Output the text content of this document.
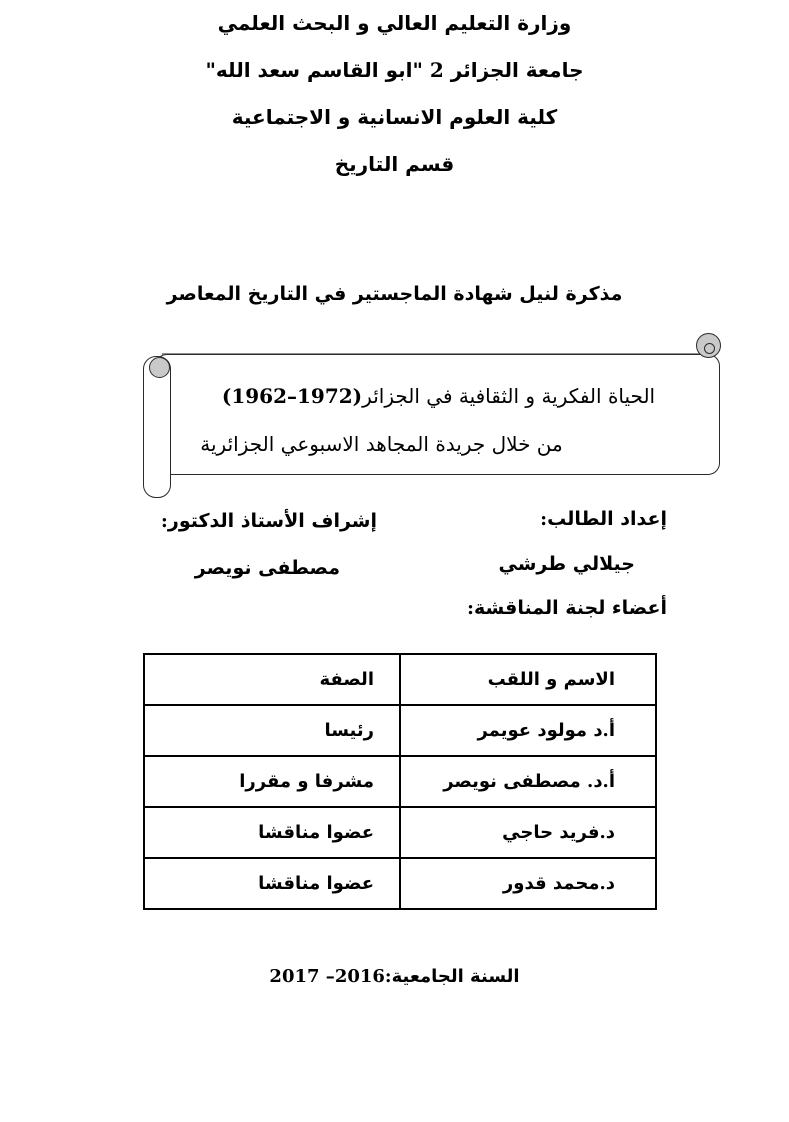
وزارة التعليم العالي و البحث العلمي
جامعة الجزائر 2 "ابو القاسم سعد الله"
كلية العلوم الانسانية و الاجتماعية
قسم التاريخ
مذكرة لنيل شهادة الماجستير في التاريخ المعاصر
الحياة الفكرية و الثقافية في الجزائر(1962–1972)
من خلال جريدة المجاهد الاسبوعي الجزائرية
إعداد الطالب:
جيلالي طرشي
إشراف الأستاذ الدكتور:
مصطفى نويصر
أعضاء لجنة المناقشة:
الاسم و اللقب	الصفة
أ.د مولود عويمر	رئيسا
أ.د. مصطفى نويصر	مشرفا و مقررا
د.فريد حاجي	عضوا مناقشا
د.محمد قدور	عضوا مناقشا
السنة الجامعية:2016– 2017
